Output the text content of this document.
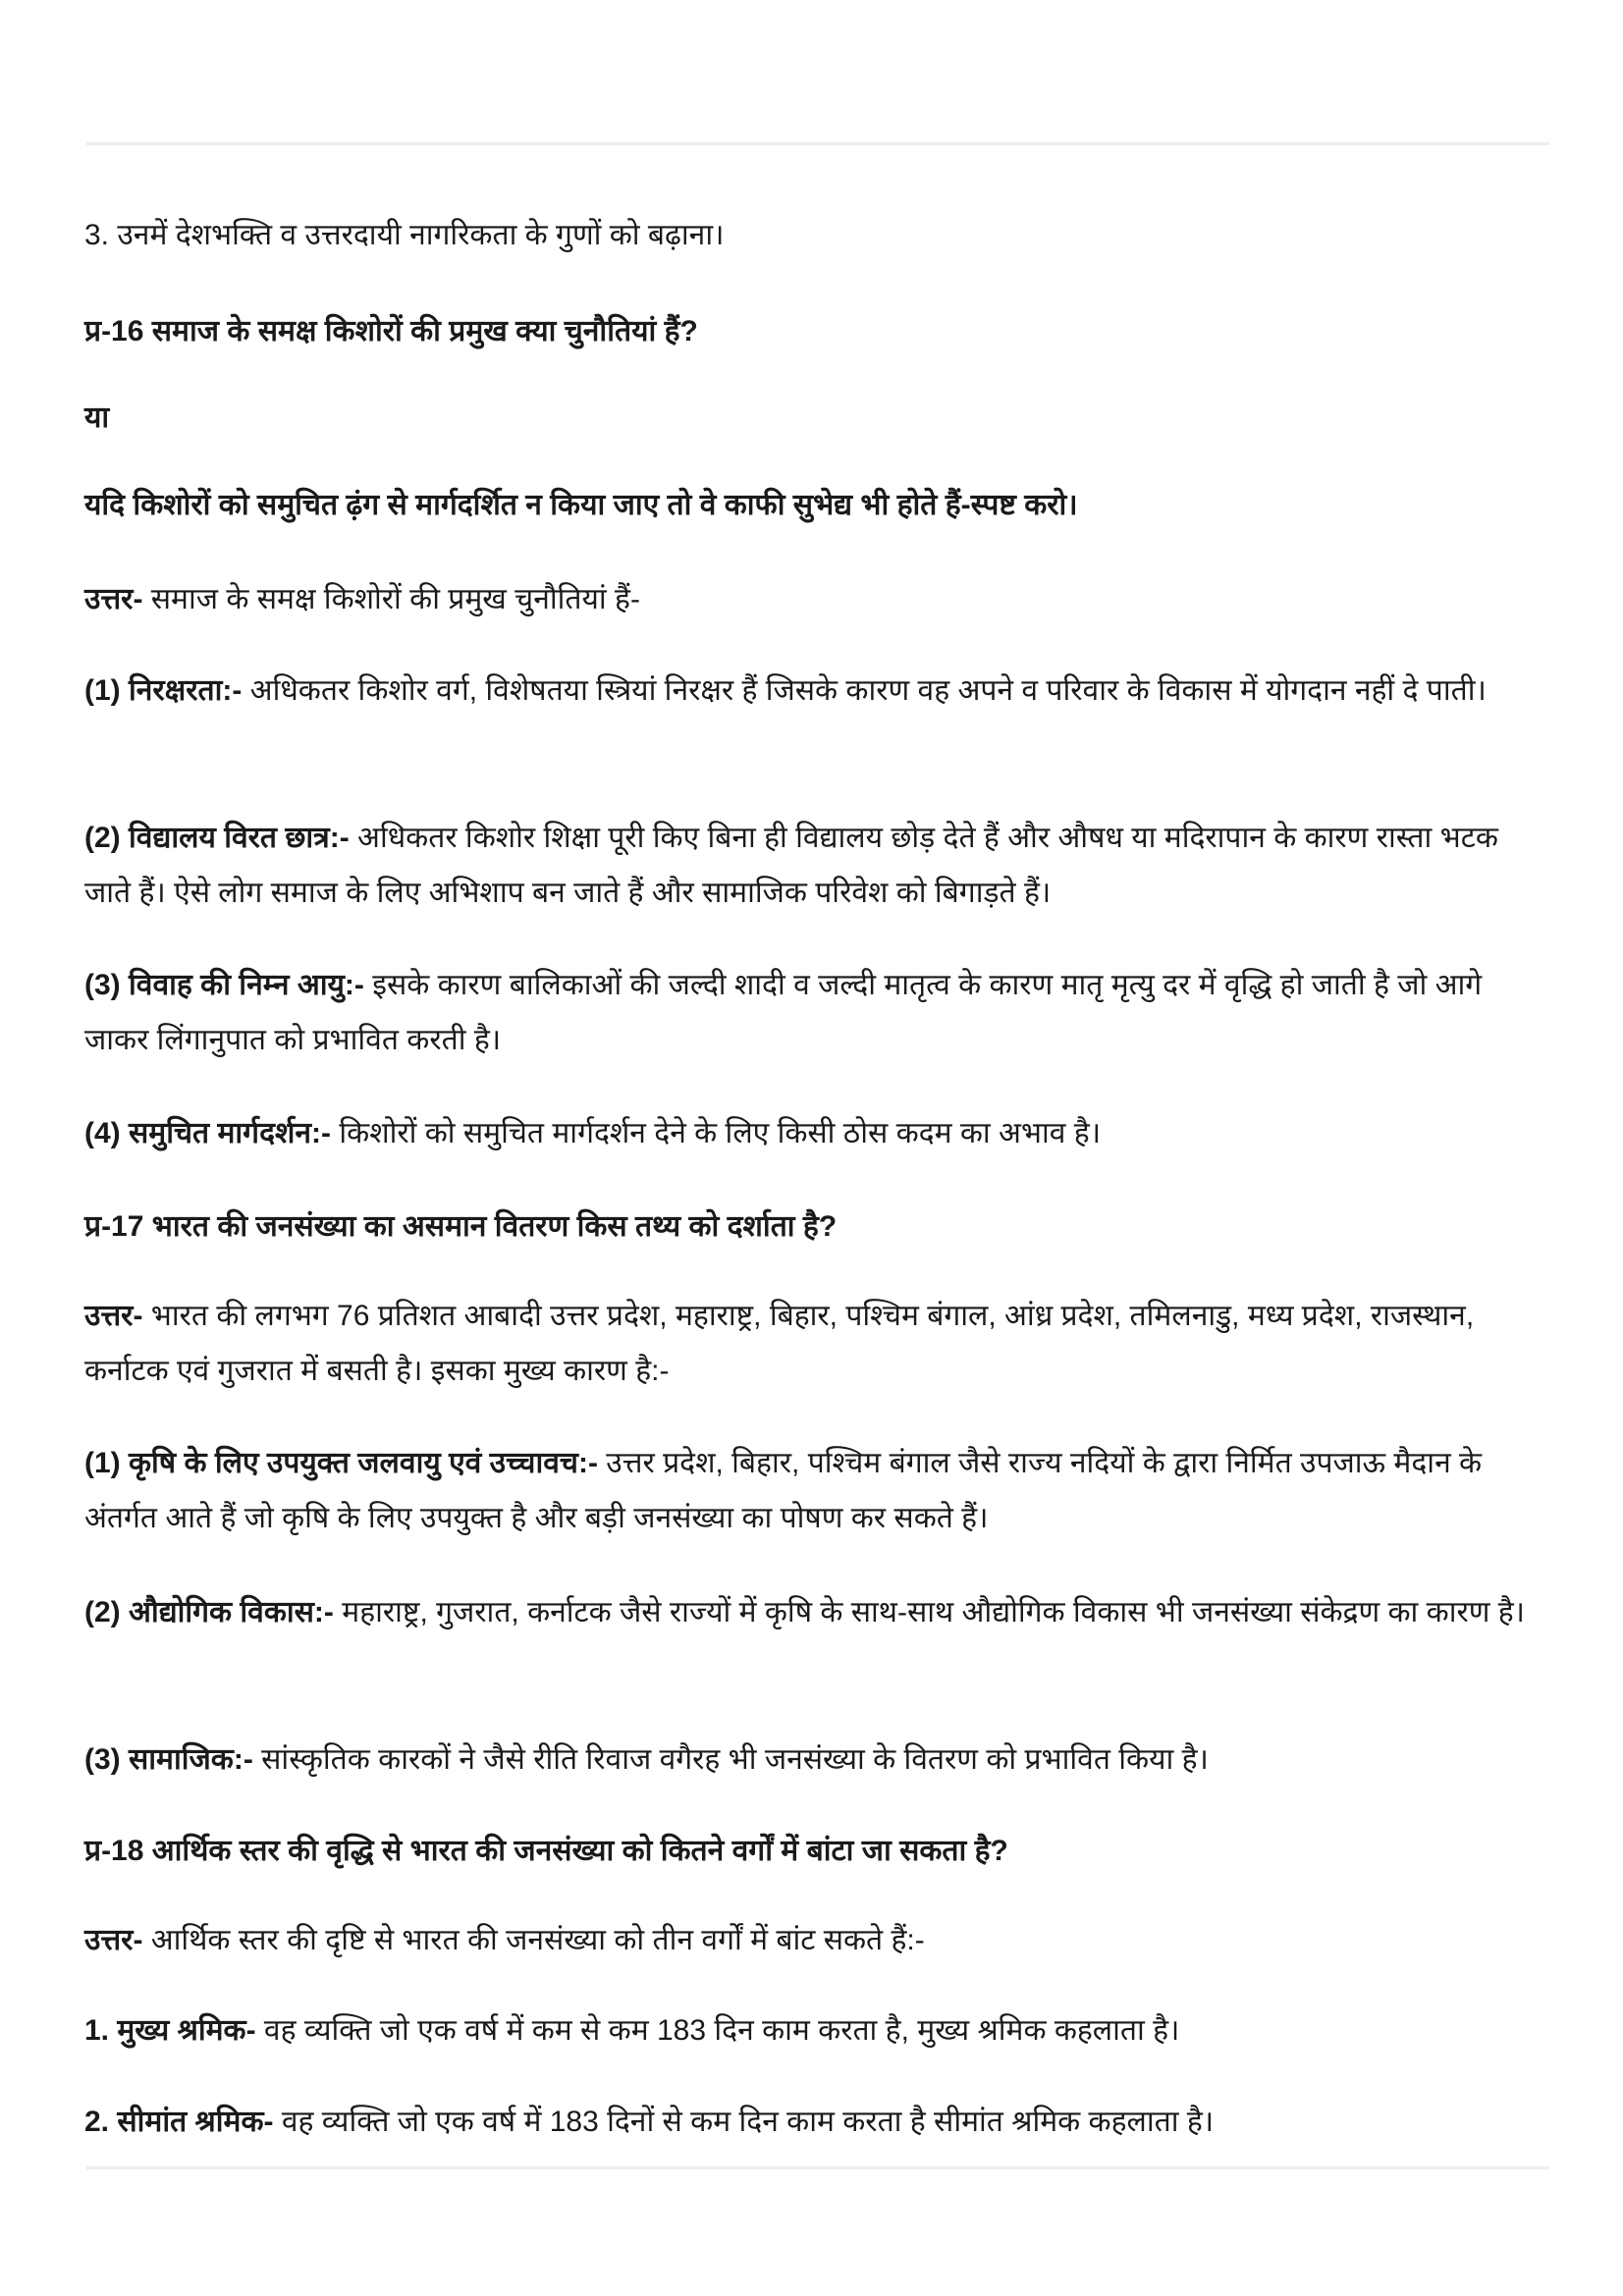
3. उनमें देशभक्ति व उत्तरदायी नागरिकता के गुणों को बढ़ाना।

प्र-16 समाज के समक्ष किशोरों की प्रमुख क्या चुनौतियां हैं?

या

यदि किशोरों को समुचित ढ़ंग से मार्गदर्शित न किया जाए तो वे काफी सुभेद्य भी होते हैं-स्पष्ट करो।

उत्तर- समाज के समक्ष किशोरों की प्रमुख चुनौतियां हैं-

(1) निरक्षरता:- अधिकतर किशोर वर्ग, विशेषतया स्त्रियां निरक्षर हैं जिसके कारण वह अपने व परिवार के विकास में योगदान नहीं दे पाती।

(2) विद्यालय विरत छात्र:- अधिकतर किशोर शिक्षा पूरी किए बिना ही विद्यालय छोड़ देते हैं और औषध या मदिरापान के कारण रास्ता भटक जाते हैं। ऐसे लोग समाज के लिए अभिशाप बन जाते हैं और सामाजिक परिवेश को बिगाड़ते हैं।

(3) विवाह की निम्न आयु:- इसके कारण बालिकाओं की जल्दी शादी व जल्दी मातृत्व के कारण मातृ मृत्यु दर में वृद्धि हो जाती है जो आगे जाकर लिंगानुपात को प्रभावित करती है।

(4) समुचित मार्गदर्शन:- किशोरों को समुचित मार्गदर्शन देने के लिए किसी ठोस कदम का अभाव है।

प्र-17 भारत की जनसंख्या का असमान वितरण किस तथ्य को दर्शाता है?

उत्तर- भारत की लगभग 76 प्रतिशत आबादी उत्तर प्रदेश, महाराष्ट्र, बिहार, पश्चिम बंगाल, आंध्र प्रदेश, तमिलनाडु, मध्य प्रदेश, राजस्थान, कर्नाटक एवं गुजरात में बसती है। इसका मुख्य कारण है:-

(1) कृषि के लिए उपयुक्त जलवायु एवं उच्चावच:- उत्तर प्रदेश, बिहार, पश्चिम बंगाल जैसे राज्य नदियों के द्वारा निर्मित उपजाऊ मैदान के अंतर्गत आते हैं जो कृषि के लिए उपयुक्त है और बड़ी जनसंख्या का पोषण कर सकते हैं।

(2) औद्योगिक विकास:- महाराष्ट्र, गुजरात, कर्नाटक जैसे राज्यों में कृषि के साथ-साथ औद्योगिक विकास भी जनसंख्या संकेद्रण का कारण है।

(3) सामाजिक:- सांस्कृतिक कारकों ने जैसे रीति रिवाज वगैरह भी जनसंख्या के वितरण को प्रभावित किया है।

प्र-18 आर्थिक स्तर की वृद्धि से भारत की जनसंख्या को कितने वर्गों में बांटा जा सकता है?

उत्तर- आर्थिक स्तर की दृष्टि से भारत की जनसंख्या को तीन वर्गों में बांट सकते हैं:-

1. मुख्य श्रमिक- वह व्यक्ति जो एक वर्ष में कम से कम 183 दिन काम करता है, मुख्य श्रमिक कहलाता है।

2. सीमांत श्रमिक- वह व्यक्ति जो एक वर्ष में 183 दिनों से कम दिन काम करता है सीमांत श्रमिक कहलाता है।
